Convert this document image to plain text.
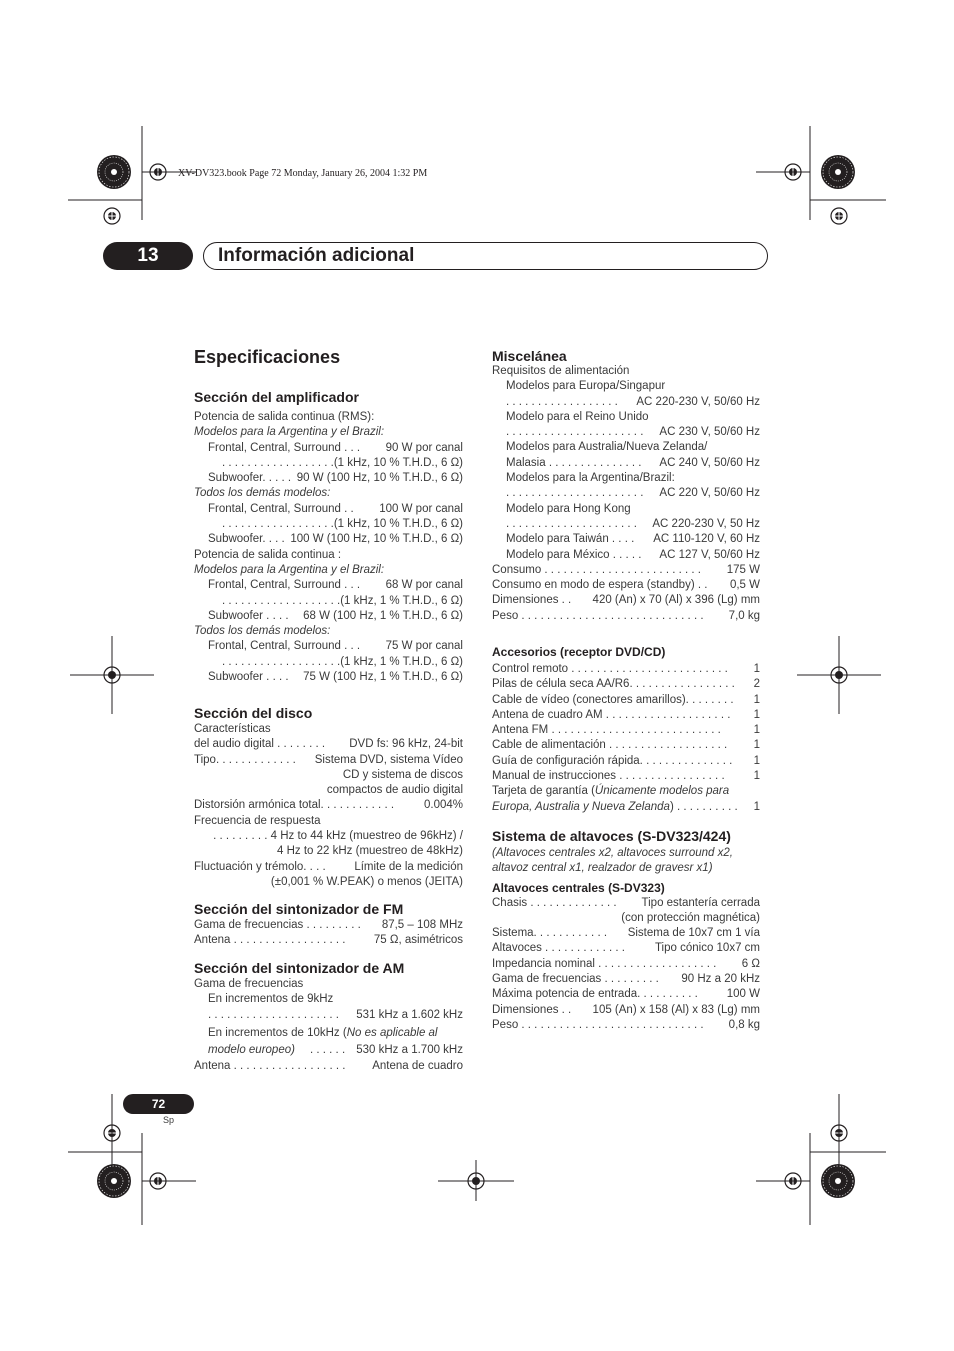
XV-DV323.book Page 72 Monday, January 26, 2004 1:32 PM
13	Información adicional
Especificaciones
Sección del amplificador
Potencia de salida continua (RMS):
Modelos para la Argentina y el Brazil:
Frontal, Central, Surround . . . 90 W por canal
. . . . . . . . . . . . . . . . . .(1 kHz, 10 % T.H.D., 6 Ω)
Subwoofer. . . . . 90 W (100 Hz, 10 % T.H.D., 6 Ω)
Todos los demás modelos:
Frontal, Central, Surround . . 100 W por canal
. . . . . . . . . . . . . . . . . .(1 kHz, 10 % T.H.D., 6 Ω)
Subwoofer. . . . 100 W (100 Hz, 10 % T.H.D., 6 Ω)
Potencia de salida continua :
Modelos para la Argentina y el Brazil:
Frontal, Central, Surround . . . 68 W por canal
. . . . . . . . . . . . . . . . . . .(1 kHz, 1 % T.H.D., 6 Ω)
Subwoofer . . . . 68 W (100 Hz, 1 % T.H.D., 6 Ω)
Todos los demás modelos:
Frontal, Central, Surround . . . 75 W por canal
. . . . . . . . . . . . . . . . . . .(1 kHz, 1 % T.H.D., 6 Ω)
Subwoofer . . . . 75 W (100 Hz, 1 % T.H.D., 6 Ω)
Sección del disco
Características
del audio digital . . . . . . . . DVD fs: 96 kHz, 24-bit
Tipo. . . . . . . . . . . . . Sistema DVD, sistema Vídeo
CD y sistema de discos
compactos de audio digital
Distorsión armónica total. . . . . . . . . . . .	0.004%
Frecuencia de respuesta
. . . . . . . . . 4 Hz to 44 kHz (muestreo de 96kHz) /
4 Hz to 22 kHz (muestreo de 48kHz)
Fluctuación y trémolo. . . . Límite de la medición
(±0,001 % W.PEAK) o menos (JEITA)
Sección del sintonizador de FM
Gama de frecuencias . . . . . . . . . 87,5 – 108 MHz
Antena . . . . . . . . . . . . . . . . . . 75 Ω, asimétricos
Sección del sintonizador de AM
Gama de frecuencias
En incrementos de 9kHz
. . . . . . . . . . . . . . . . . . . . . 531 kHz a 1.602 kHz
En incrementos de 10kHz (No es aplicable al
modelo europeo) . . . . . . 530 kHz a 1.700 kHz
Antena . . . . . . . . . . . . . . . . . . Antena de cuadro
Miscelánea
Requisitos de alimentación
Modelos para Europa/Singapur
. . . . . . . . . . . . . . . . . . AC 220-230 V, 50/60 Hz
Modelo para el Reino Unido
. . . . . . . . . . . . . . . . . . . . . . AC 230 V, 50/60 Hz
Modelos para Australia/Nueva Zelanda/
Malasia . . . . . . . . . . . . . . . AC 240 V, 50/60 Hz
Modelos para la Argentina/Brazil:
. . . . . . . . . . . . . . . . . . . . . . AC 220 V, 50/60 Hz
Modelo para Hong Kong
. . . . . . . . . . . . . . . . . . . . . AC 220-230 V, 50 Hz
Modelo para Taiwán . . . . AC 110-120 V, 60 Hz
Modelo para México . . . . . AC 127 V, 50/60 Hz
Consumo . . . . . . . . . . . . . . . . . . . . . . . . . 175 W
Consumo en modo de espera (standby) . . 0,5 W
Dimensiones . . 420 (An) x 70 (Al) x 396 (Lg) mm
Peso . . . . . . . . . . . . . . . . . . . . . . . . . . . . . 7,0 kg
Accesorios (receptor DVD/CD)
Control remoto . . . . . . . . . . . . . . . . . . . . . . . . . 1
Pilas de célula seca AA/R6. . . . . . . . . . . . . . . . . 2
Cable de vídeo (conectores amarillos). . . . . . . . 1
Antena de cuadro AM . . . . . . . . . . . . . . . . . . . . 1
Antena FM . . . . . . . . . . . . . . . . . . . . . . . . . . .	1
Cable de alimentación . . . . . . . . . . . . . . . . . . . 1
Guía de configuración rápida. . . . . . . . . . . . . . . 1
Manual de instrucciones . . . . . . . . . . . . . . . . .	1
Tarjeta de garantía (Únicamente modelos para
Europa, Australia y Nueva Zelanda) . . . . . . . . . . 1
Sistema de altavoces (S-DV323/424)
(Altavoces centrales x2, altavoces surround x2,
altavoz central x1, realzador de gravesr x1)
Altavoces centrales (S-DV323)
Chasis . . . . . . . . . . . . . . Tipo estantería cerrada
(con protección magnética)
Sistema. . . . . . . . . . . . Sistema de 10x7 cm 1 vía
Altavoces . . . . . . . . . . . . .	Tipo cónico 10x7 cm
Impedancia nominal . . . . . . . . . . . . . . . . . . . 6 Ω
Gama de frecuencias . . . . . . . . . 90 Hz a 20 kHz
Máxima potencia de entrada. . . . . . . . . .	100 W
Dimensiones . . 105 (An) x 158 (Al) x 83 (Lg) mm
Peso . . . . . . . . . . . . . . . . . . . . . . . . . . . . . 0,8 kg
72
Sp
